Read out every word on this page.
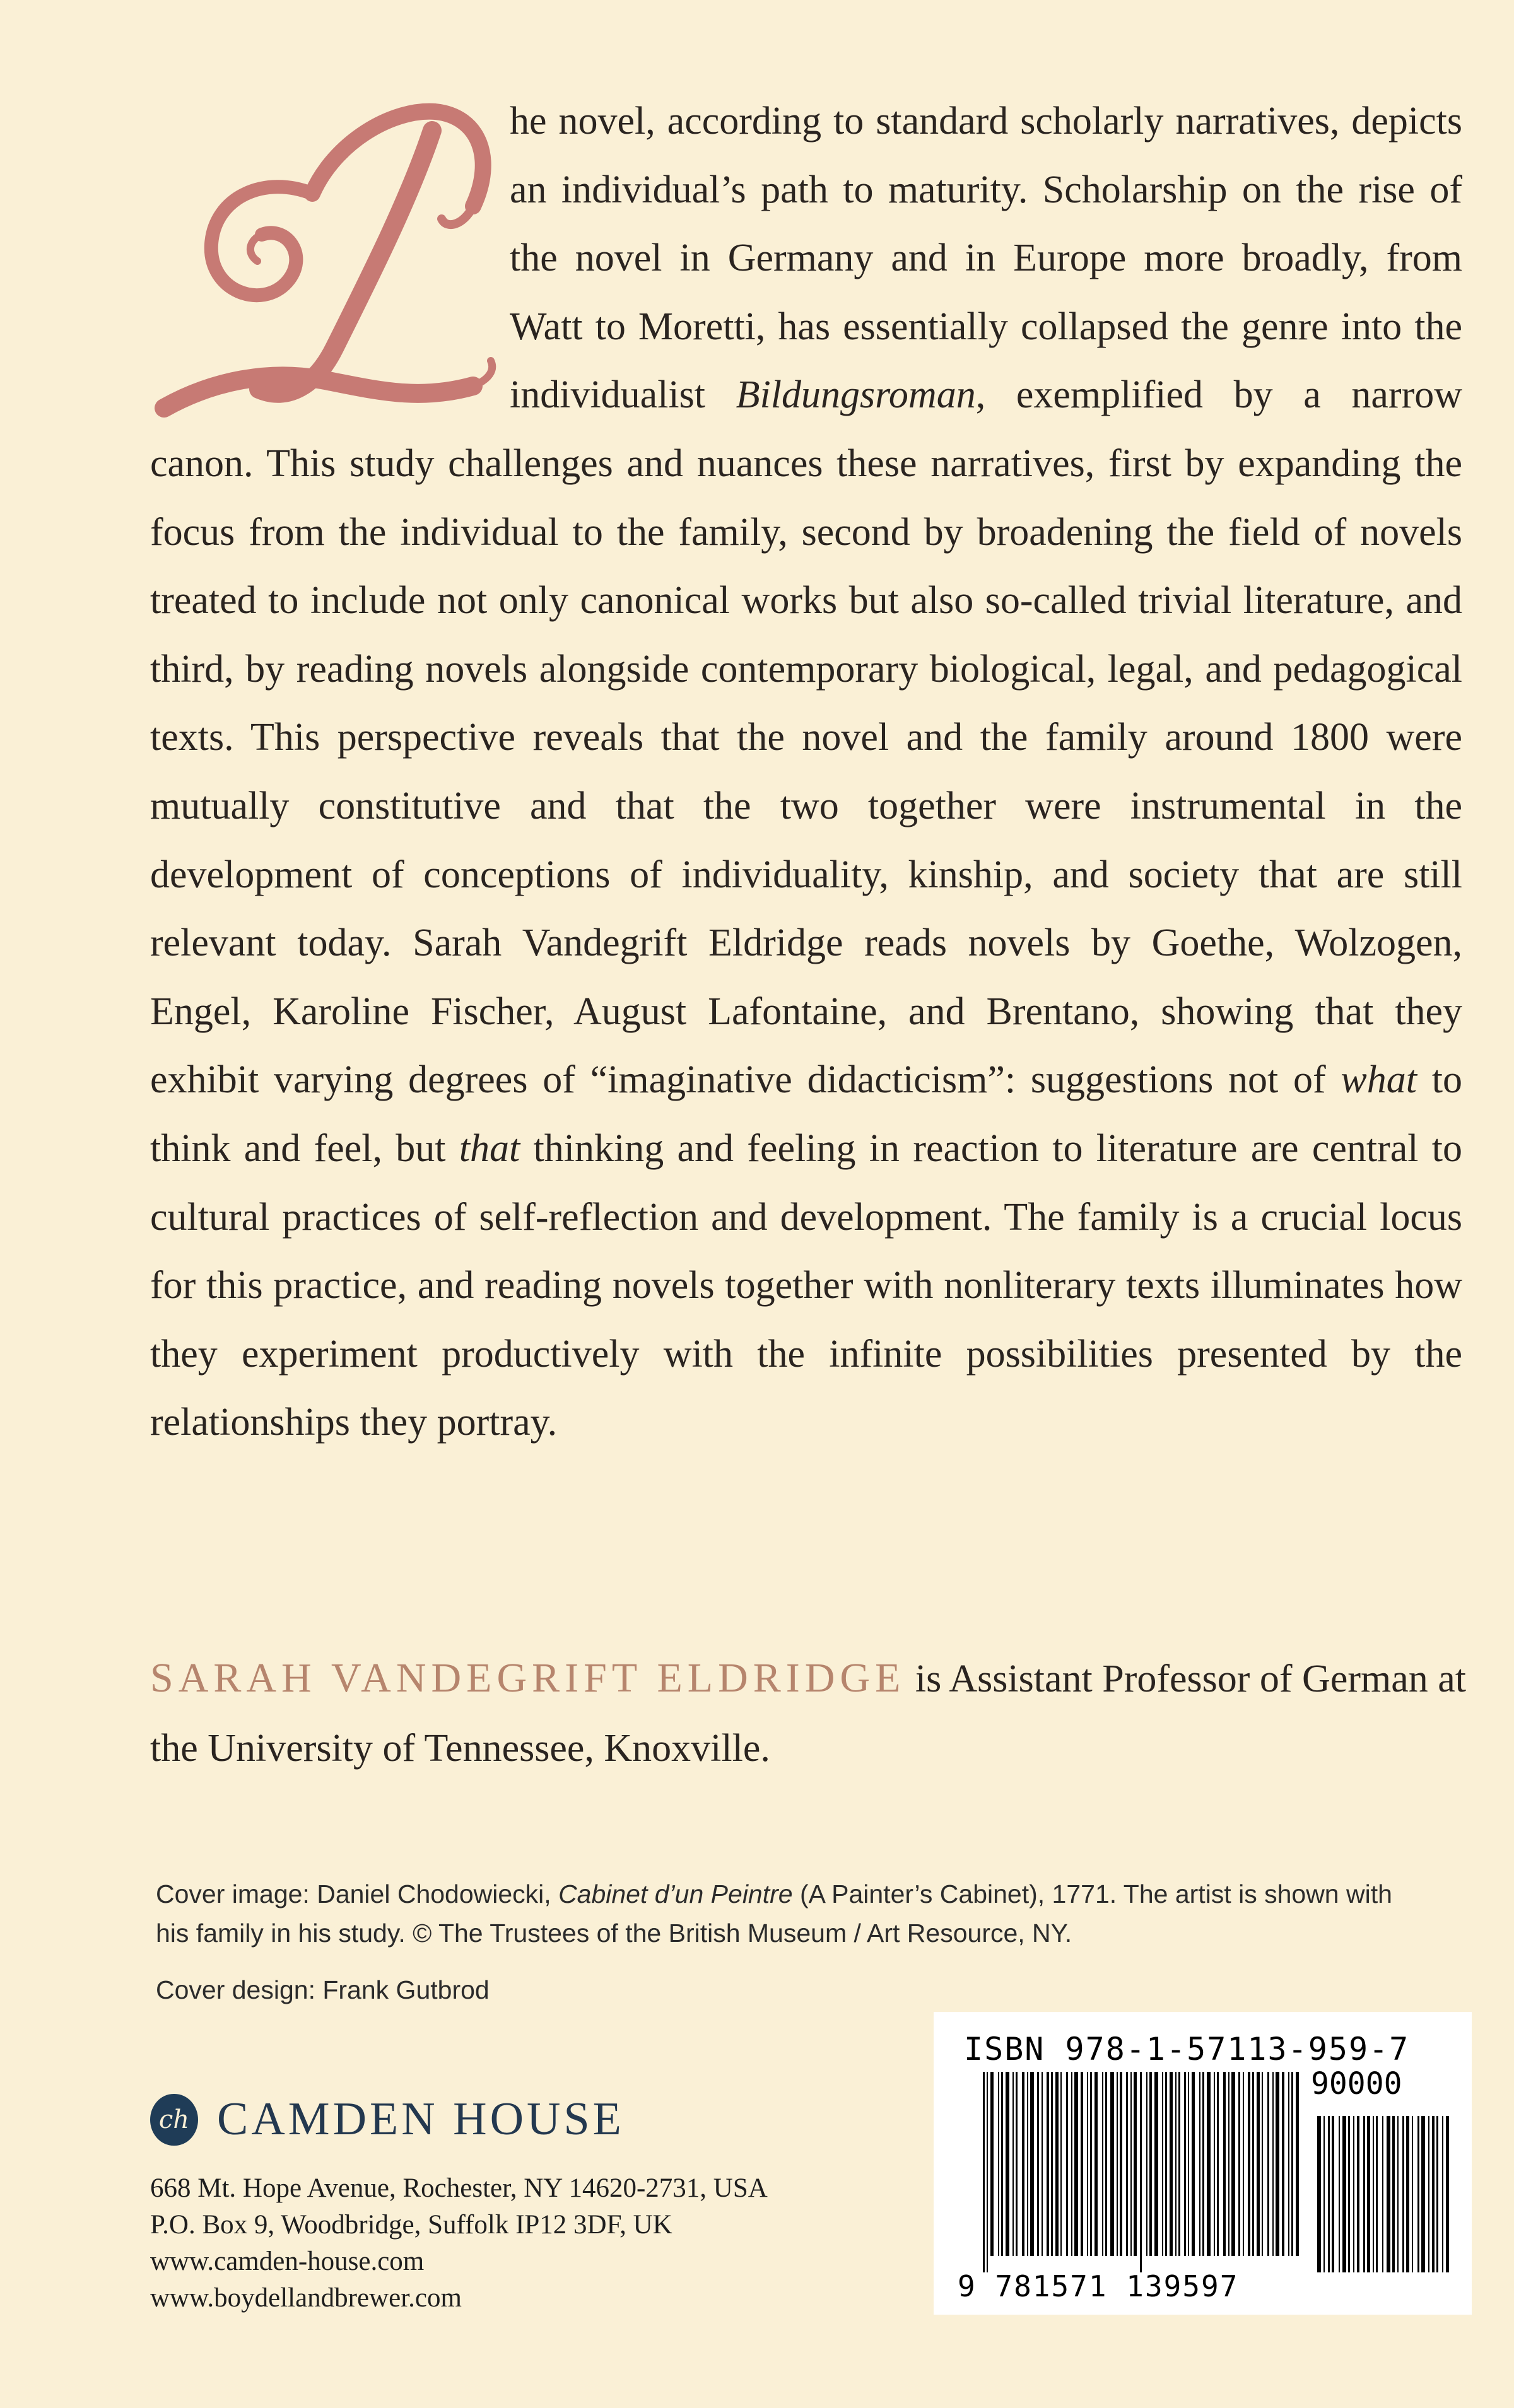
he novel, according to standard scholarly narratives, depicts an individual’s path to maturity. Scholarship on the rise of the novel in Germany and in Europe more broadly, from Watt to Moretti, has essentially collapsed the genre into the individualist Bildungsroman, exemplified by a narrow canon. This study challenges and nuances these narratives, first by expanding the focus from the individual to the family, second by broadening the field of novels treated to include not only canonical works but also so-called trivial literature, and third, by reading novels alongside contemporary biological, legal, and pedagogical texts. This perspective reveals that the novel and the family around 1800 were mutually constitutive and that the two together were instrumental in the development of conceptions of individuality, kinship, and society that are still relevant today. Sarah Vandegrift Eldridge reads novels by Goethe, Wolzogen, Engel, Karoline Fischer, August Lafontaine, and Brentano, showing that they exhibit varying degrees of “imaginative didacticism”: suggestions not of what to think and feel, but that thinking and feeling in reaction to literature are central to cultural practices of self-reflection and development. The family is a crucial locus for this practice, and reading novels together with nonliterary texts illuminates how they experiment productively with the infinite possibilities presented by the relationships they portray.
SARAH VANDEGRIFT ELDRIDGE is Assistant Professor of German at the University of Tennessee, Knoxville.

Cover image: Daniel Chodowiecki, Cabinet d’un Peintre (A Painter’s Cabinet), 1771. The artist is shown with his family in his study. © The Trustees of the British Museum / Art Resource, NY.

Cover design: Frank Gutbrod

ch CAMDEN HOUSE
668 Mt. Hope Avenue, Rochester, NY 14620-2731, USA
P.O. Box 9, Woodbridge, Suffolk IP12 3DF, UK
www.camden-house.com
www.boydellandbrewer.com
ISBN 978-1-57113-959-7
90000
9 781571 139597
